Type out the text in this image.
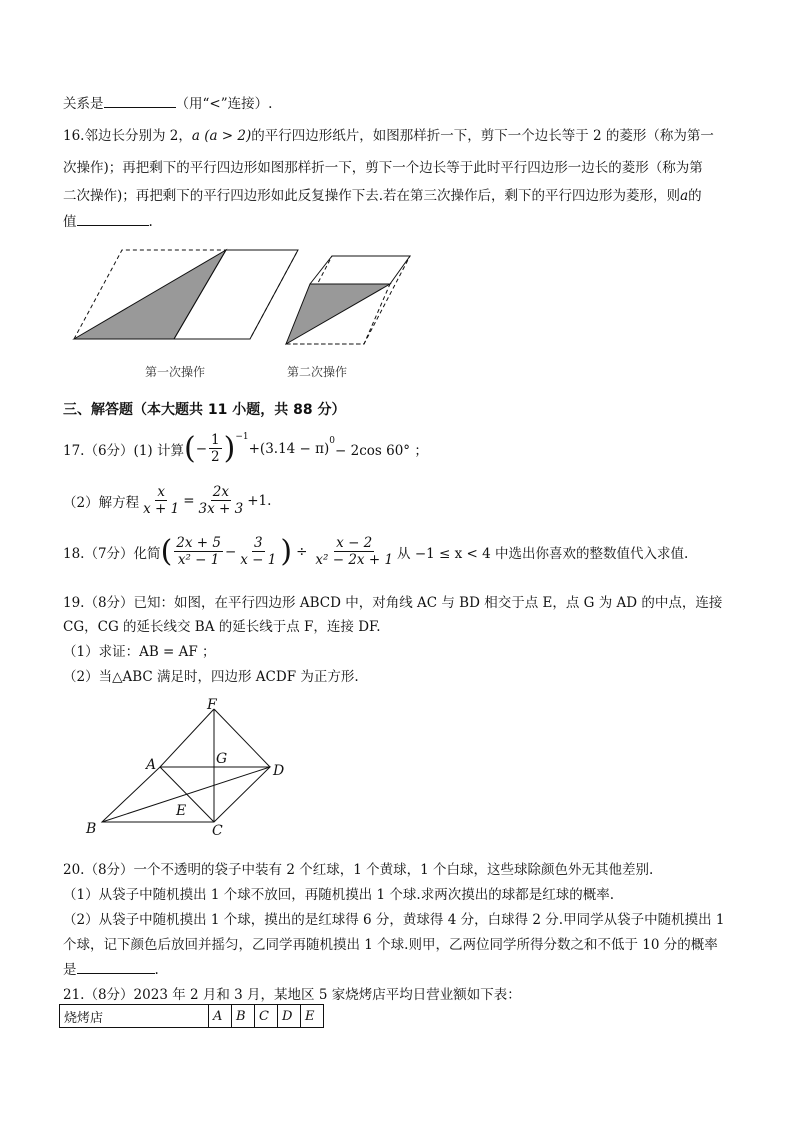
关系是	（用“<”连接）.
16.邻边长分别为 2，a (a > 2)的平行四边形纸片，如图那样折一下，剪下一个边长等于 2 的菱形（称为第一
次操作)；再把剩下的平行四边形如图那样折一下，剪下一个边长等于此时平行四边形一边长的菱形（称为第
二次操作)；再把剩下的平行四边形如此反复操作下去.若在第三次操作后，剩下的平行四边形为菱形，则a的
值	.
第一次操作	第二次操作
三、解答题（本大题共 11 小题，共 88 分）
17.（6分）(1) 计算 ( − $\frac{1}{2} )^{-1}$
$+(3.14 - \pi)^0$
− 2cos 60° ；
（2）解方程 $\frac{x}{x + 1} = \frac{2x}{3x + 3} +1$.
18.（7分）化简 ( $\frac{2x + 5}{\text{x² − 1}} - \frac{3}{x - 1}$ ) ÷ $\frac{x - 2}{\text{x² − 2x + 1}}$ 从 −1 ≤ x < 4 中选出你喜欢的整数值代入求值.
19.（8分）已知：如图，在平行四边形 ABCD 中，对角线 AC 与 BD 相交于点 E，点 G 为 AD 的中点，连接
CG，CG 的延长线交 BA 的延长线于点 F，连接 DF.
（1）求证：AB = AF ；
（2）当△ABC 满足时，四边形 ACDF 为正方形.
F
A	G
D
E
B	C
20.（8分）一个不透明的袋子中装有 2 个红球，1 个黄球，1 个白球，这些球除颜色外无其他差别.
（1）从袋子中随机摸出 1 个球不放回，再随机摸出 1 个球.求两次摸出的球都是红球的概率.
（2）从袋子中随机摸出 1 个球，摸出的是红球得 6 分，黄球得 4 分，白球得 2 分.甲同学从袋子中随机摸出 1
个球，记下颜色后放回并摇匀，乙同学再随机摸出 1 个球.则甲，乙两位同学所得分数之和不低于 10 分的概率
是	.
21.（8分）2023 年 2 月和 3 月，某地区 5 家烧烤店平均日营业额如下表：
烧烤店	A	B	C	D	E
